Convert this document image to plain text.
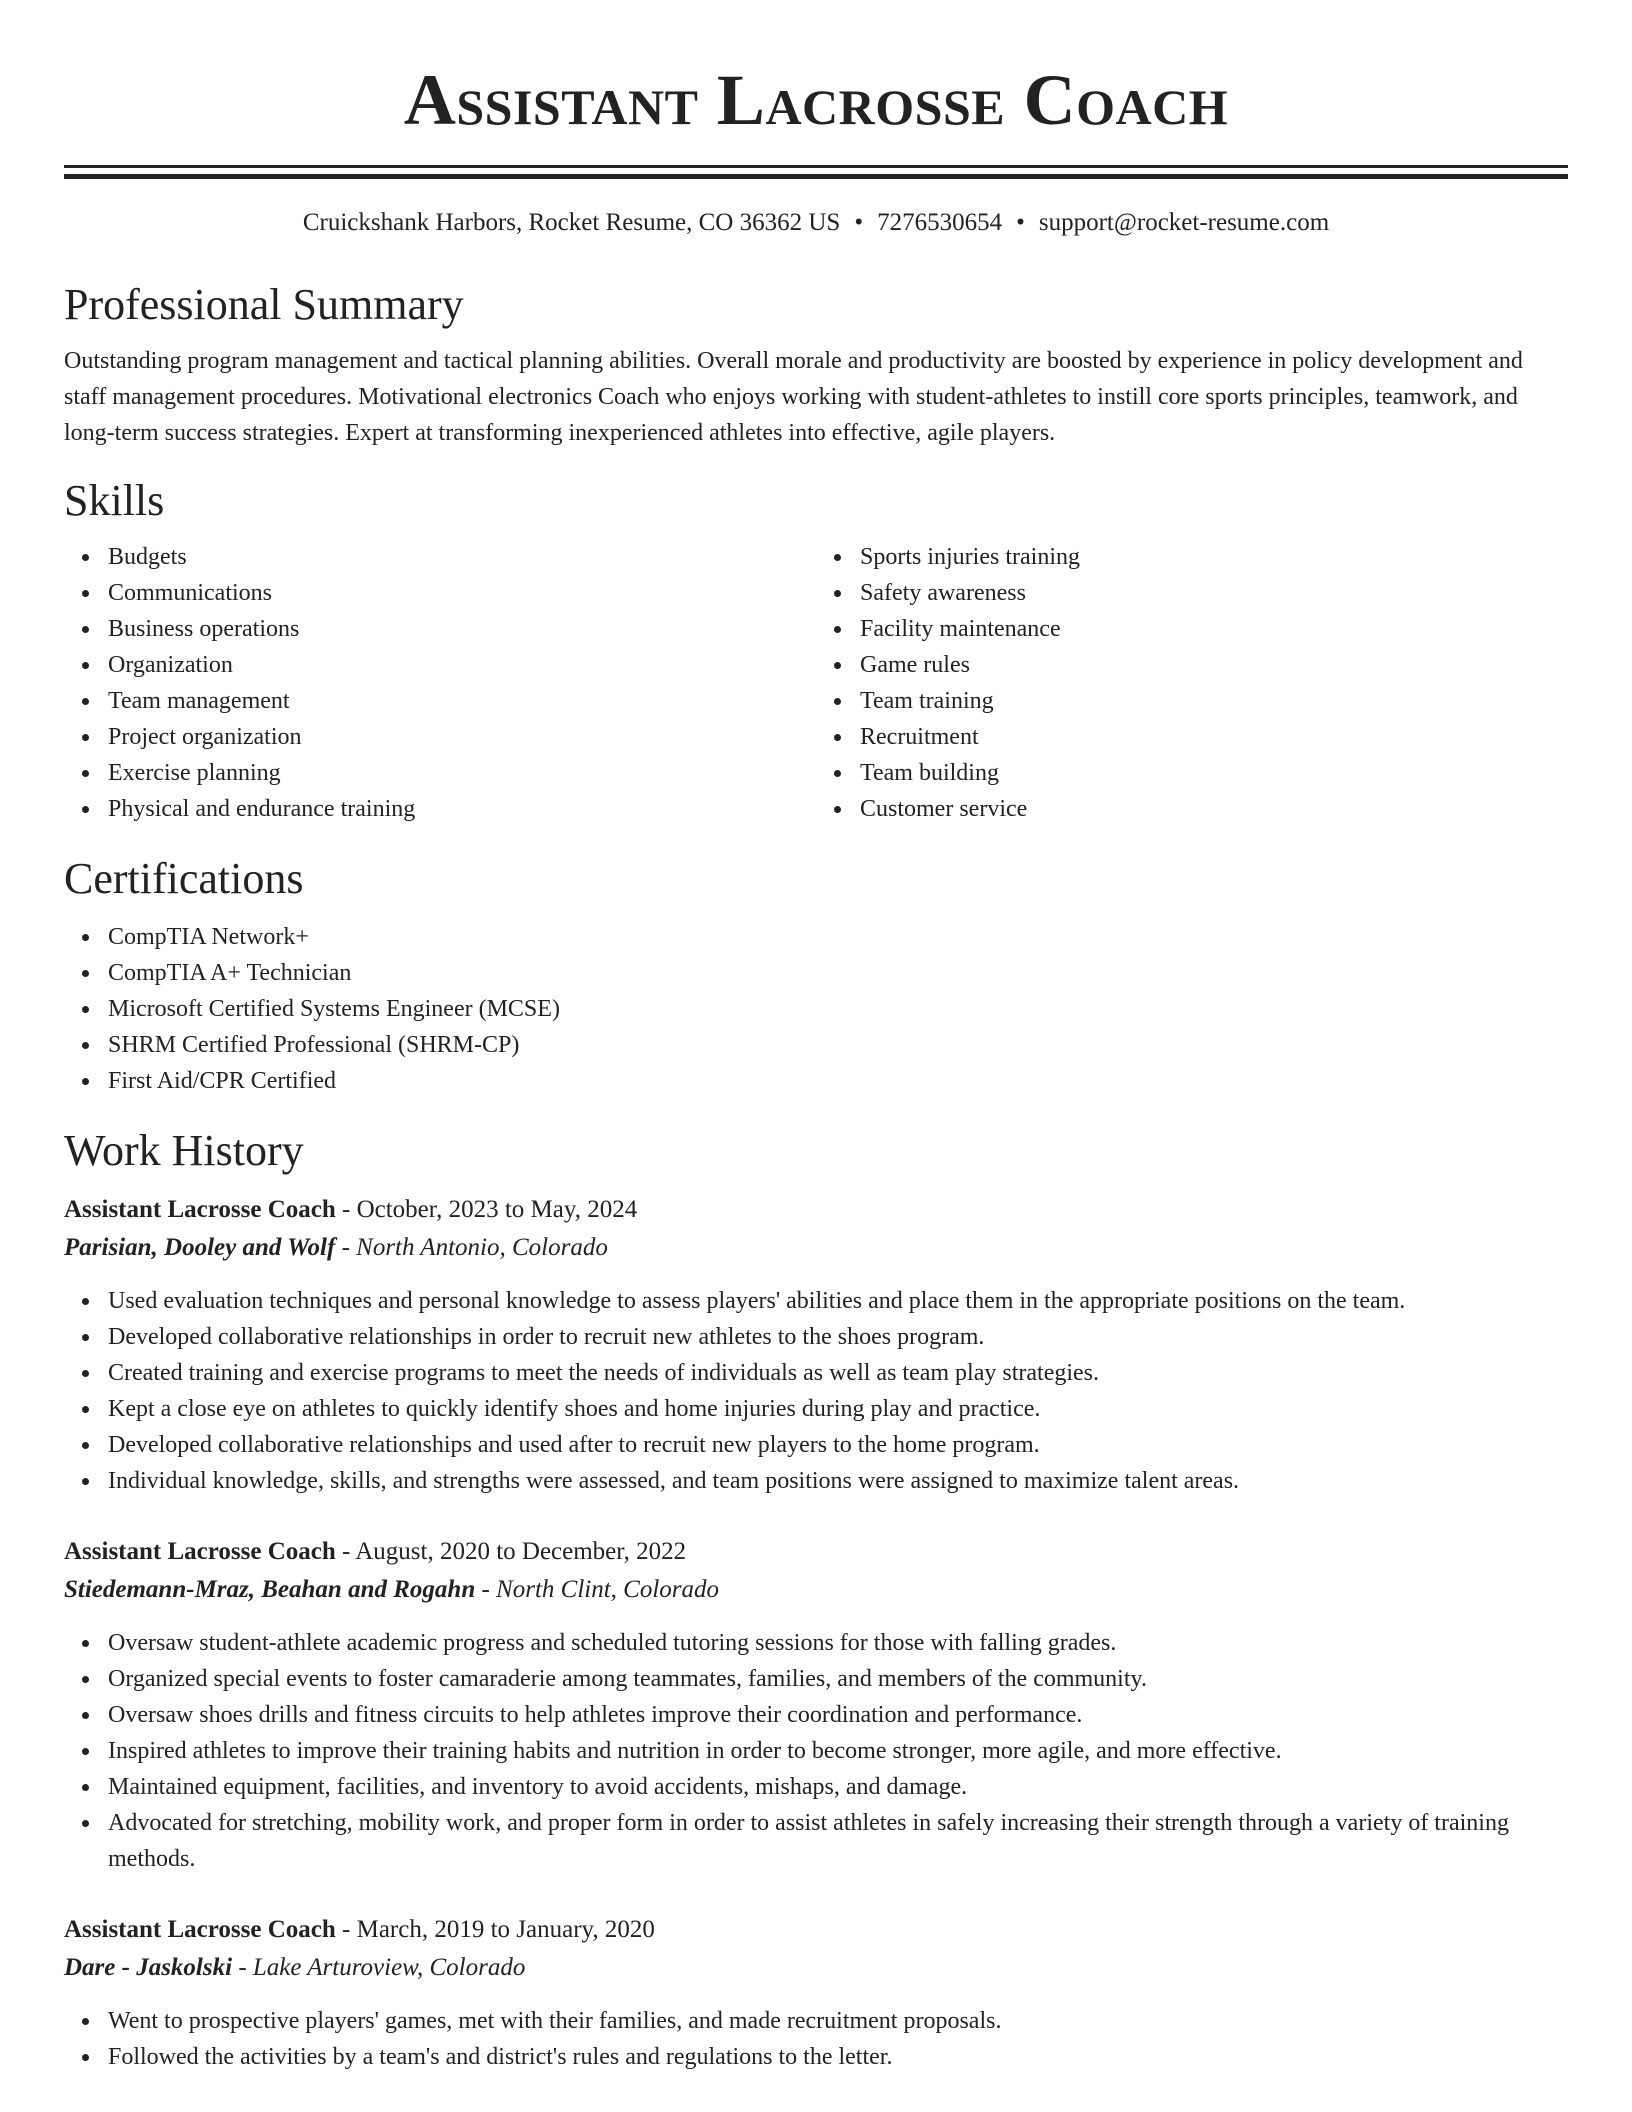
Assistant Lacrosse Coach
Cruickshank Harbors, Rocket Resume, CO 36362 US • 7276530654 • support@rocket-resume.com
Professional Summary

Outstanding program management and tactical planning abilities. Overall morale and productivity are boosted by experience in policy development and staff management procedures. Motivational electronics Coach who enjoys working with student-athletes to instill core sports principles, teamwork, and long-term success strategies. Expert at transforming inexperienced athletes into effective, agile players.

Skills
Budgets
Communications
Business operations
Organization
Team management
Project organization
Exercise planning
Physical and endurance training
Sports injuries training
Safety awareness
Facility maintenance
Game rules
Team training
Recruitment
Team building
Customer service
Certifications
CompTIA Network+
CompTIA A+ Technician
Microsoft Certified Systems Engineer (MCSE)
SHRM Certified Professional (SHRM-CP)
First Aid/CPR Certified
Work History
Assistant Lacrosse Coach - October, 2023 to May, 2024
Parisian, Dooley and Wolf - North Antonio, Colorado
Used evaluation techniques and personal knowledge to assess players' abilities and place them in the appropriate positions on the team.
Developed collaborative relationships in order to recruit new athletes to the shoes program.
Created training and exercise programs to meet the needs of individuals as well as team play strategies.
Kept a close eye on athletes to quickly identify shoes and home injuries during play and practice.
Developed collaborative relationships and used after to recruit new players to the home program.
Individual knowledge, skills, and strengths were assessed, and team positions were assigned to maximize talent areas.
Assistant Lacrosse Coach - August, 2020 to December, 2022
Stiedemann-Mraz, Beahan and Rogahn - North Clint, Colorado
Oversaw student-athlete academic progress and scheduled tutoring sessions for those with falling grades.
Organized special events to foster camaraderie among teammates, families, and members of the community.
Oversaw shoes drills and fitness circuits to help athletes improve their coordination and performance.
Inspired athletes to improve their training habits and nutrition in order to become stronger, more agile, and more effective.
Maintained equipment, facilities, and inventory to avoid accidents, mishaps, and damage.
Advocated for stretching, mobility work, and proper form in order to assist athletes in safely increasing their strength through a variety of training methods.
Assistant Lacrosse Coach - March, 2019 to January, 2020
Dare - Jaskolski - Lake Arturoview, Colorado
Went to prospective players' games, met with their families, and made recruitment proposals.
Followed the activities by a team's and district's rules and regulations to the letter.
